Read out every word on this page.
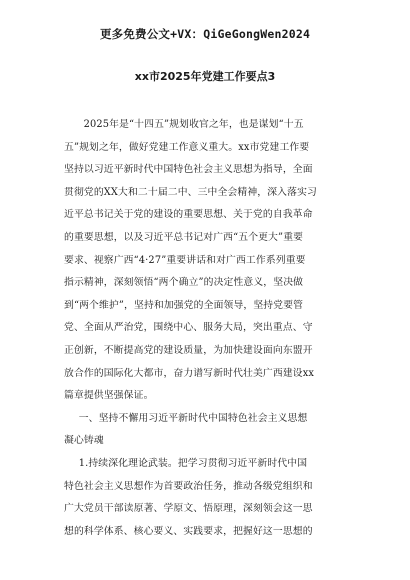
更多免费公文+VX：QiGeGongWen2024
xx市2025年党建工作要点3
2025年是“十四五”规划收官之年，也是谋划“十五
五”规划之年，做好党建工作意义重大。xx市党建工作要
坚持以习近平新时代中国特色社会主义思想为指导，全面
贯彻党的XX大和二十届二中、三中全会精神，深入落实习
近平总书记关于党的建设的重要思想、关于党的自我革命
的重要思想，以及习近平总书记对广西“五个更大”重要
要求、视察广西“4·27”重要讲话和对广西工作系列重要
指示精神，深刻领悟“两个确立”的决定性意义，坚决做
到“两个维护”，坚持和加强党的全面领导，坚持党要管
党、全面从严治党，围绕中心、服务大局，突出重点、守
正创新，不断提高党的建设质量，为加快建设面向东盟开
放合作的国际化大都市，奋力谱写新时代壮美广西建设xx
篇章提供坚强保证。
一、坚持不懈用习近平新时代中国特色社会主义思想
凝心铸魂
1.持续深化理论武装。把学习贯彻习近平新时代中国
特色社会主义思想作为首要政治任务，推动各级党组织和
广大党员干部读原著、学原文、悟原理，深刻领会这一思
想的科学体系、核心要义、实践要求，把握好这一思想的
